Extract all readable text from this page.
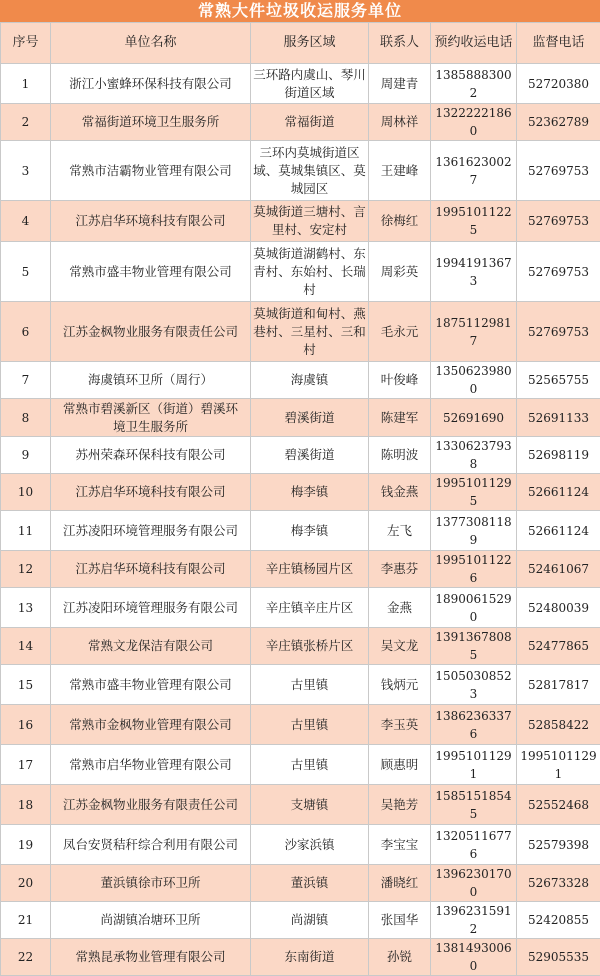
常熟大件垃圾收运服务单位
序号	单位名称	服务区域	联系人	预约收运电话	监督电话
1	浙江小蜜蜂环保科技有限公司	三环路内虞山、琴川街道区域	周建青	13858883002	52720380
2	常福街道环境卫生服务所	常福街道	周林祥	13222221860	52362789
3	常熟市洁霸物业管理有限公司	三环内莫城街道区域、莫城集镇区、莫城园区	王建峰	13616230027	52769753
4	江苏启华环境科技有限公司	莫城街道三塘村、言里村、安定村	徐梅红	19951011225	52769753
5	常熟市盛丰物业管理有限公司	莫城街道湖鹤村、东青村、东始村、长瑞村	周彩英	19941913673	52769753
6	江苏金枫物业服务有限责任公司	莫城街道和甸村、燕巷村、三星村、三和村	毛永元	18751129817	52769753
7	海虞镇环卫所（周行）	海虞镇	叶俊峰	13506239800	52565755
8	常熟市碧溪新区（街道）碧溪环境卫生服务所	碧溪街道	陈建军	52691690	52691133
9	苏州荣森环保科技有限公司	碧溪街道	陈明波	13306237938	52698119
10	江苏启华环境科技有限公司	梅李镇	钱金燕	19951011295	52661124
11	江苏凌阳环境管理服务有限公司	梅李镇	左飞	13773081189	52661124
12	江苏启华环境科技有限公司	辛庄镇杨园片区	李惠芬	19951011226	52461067
13	江苏凌阳环境管理服务有限公司	辛庄镇辛庄片区	金燕	18900615290	52480039
14	常熟文龙保洁有限公司	辛庄镇张桥片区	吴文龙	13913678085	52477865
15	常熟市盛丰物业管理有限公司	古里镇	钱炳元	15050308523	52817817
16	常熟市金枫物业管理有限公司	古里镇	李玉英	13862363376	52858422
17	常熟市启华物业管理有限公司	古里镇	顾惠明	19951011291	19951011291
18	江苏金枫物业服务有限责任公司	支塘镇	吴艳芳	15851518545	52552468
19	凤台安贤秸秆综合利用有限公司	沙家浜镇	李宝宝	13205116776	52579398
20	董浜镇徐市环卫所	董浜镇	潘晓红	13962301700	52673328
21	尚湖镇冶塘环卫所	尚湖镇	张国华	13962315912	52420855
22	常熟昆承物业管理有限公司	东南街道	孙锐	13814930060	52905535
